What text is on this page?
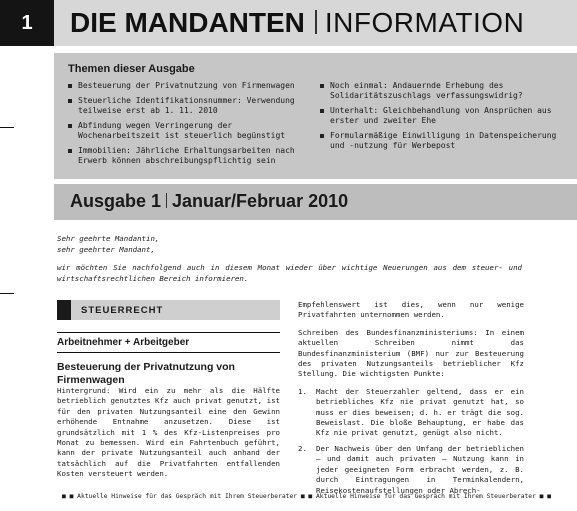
1 DIE MANDANTEN INFORMATION
Themen dieser Ausgabe
Besteuerung der Privatnutzung von Firmenwagen
Steuerliche Identifikationsnummer: Verwendung teilweise erst ab 1. 11. 2010
Abfindung wegen Verringerung der Wochenarbeitszeit ist steuerlich begünstigt
Immobilien: Jährliche Erhaltungsarbeiten nach Erwerb können abschreibungspflichtig sein
Noch einmal: Andauernde Erhebung des Solidaritätszuschlags verfassungswidrig?
Unterhalt: Gleichbehandlung von Ansprüchen aus erster und zweiter Ehe
Formularmäßige Einwilligung in Datenspeicherung und -nutzung für Werbepost
Ausgabe 1 Januar/Februar 2010
Sehr geehrte Mandantin,
sehr geehrter Mandant,
wir möchten Sie nachfolgend auch in diesem Monat wieder über wichtige Neuerungen aus dem steuer- und wirtschaftsrechtlichen Bereich informieren.
STEUERRECHT
Arbeitnehmer + Arbeitgeber
Besteuerung der Privatnutzung von Firmenwagen
Hintergrund: Wird ein zu mehr als die Hälfte betrieblich genutztes Kfz auch privat genutzt, ist für den privaten Nutzungsanteil eine den Gewinn erhöhende Entnahme anzusetzen. Diese ist grundsätzlich mit 1 % des Kfz-Listenpreises pro Monat zu bemessen. Wird ein Fahrtenbuch geführt, kann der private Nutzungsanteil auch anhand der tatsächlich auf die Privatfahrten entfallenden Kosten versteuert werden.
Empfehlenswert ist dies, wenn nur wenige Privatfahrten unternommen werden.
Schreiben des Bundesfinanzministeriums: In einem aktuellen Schreiben nimmt das Bundesfinanzministerium (BMF) nur zur Besteuerung des privaten Nutzungsanteils betrieblicher Kfz Stellung. Die wichtigsten Punkte:
1. Macht der Steuerzahler geltend, dass er ein betriebliches Kfz nie privat genutzt hat, so muss er dies beweisen; d. h. er trägt die sog. Beweislast. Die bloße Behauptung, er habe das Kfz nie privat genutzt, genügt also nicht.
2. Der Nachweis über den Umfang der betrieblichen – und damit auch privaten – Nutzung kann in jeder geeigneten Form erbracht werden, z. B. durch Eintragungen in Terminkalendern, Reisekostenaufstellungen oder Abrech-
■ ■ Aktuelle Hinweise für das Gespräch mit Ihrem Steuerberater ■ ■ Aktuelle Hinweise für das Gespräch mit Ihrem Steuerberater ■ ■
